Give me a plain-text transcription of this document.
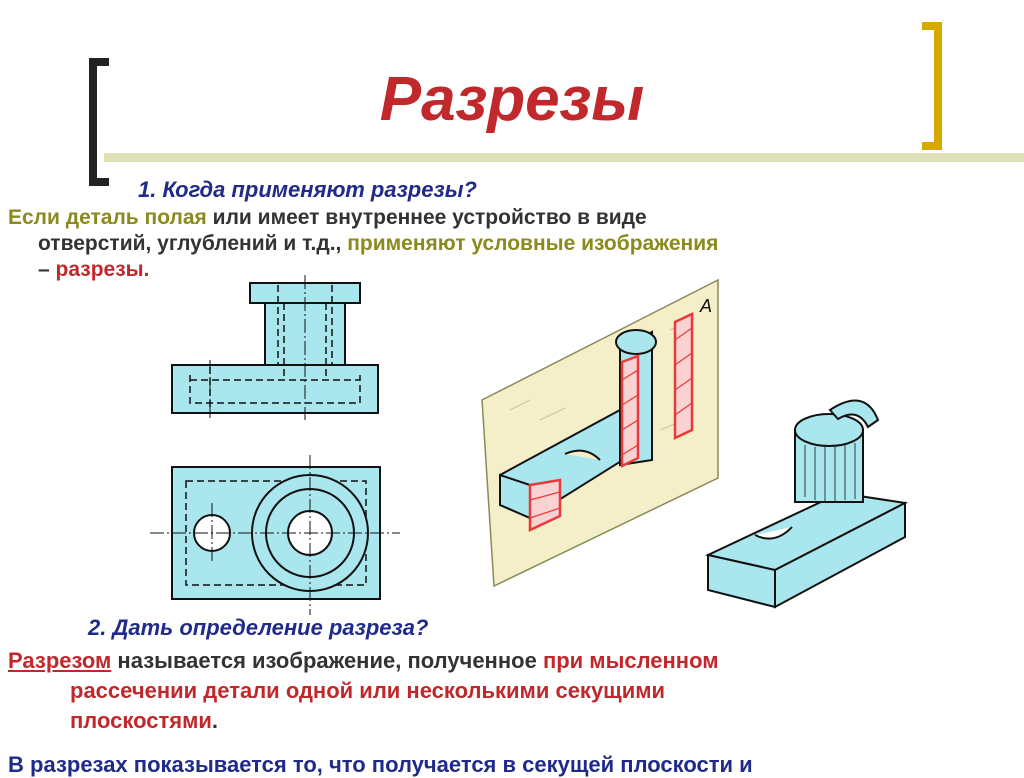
Разрезы
1. Когда применяют разрезы?
Если деталь полая или имеет внутреннее устройство в виде
отверстий, углублений и т.д., применяют условные изображения
– разрезы.
A
2. Дать определение разреза?
Разрезом называется изображение, полученное при мысленном
рассечении детали одной или несколькими секущими
плоскостями.
В разрезах показывается то, что получается в секущей плоскости и
